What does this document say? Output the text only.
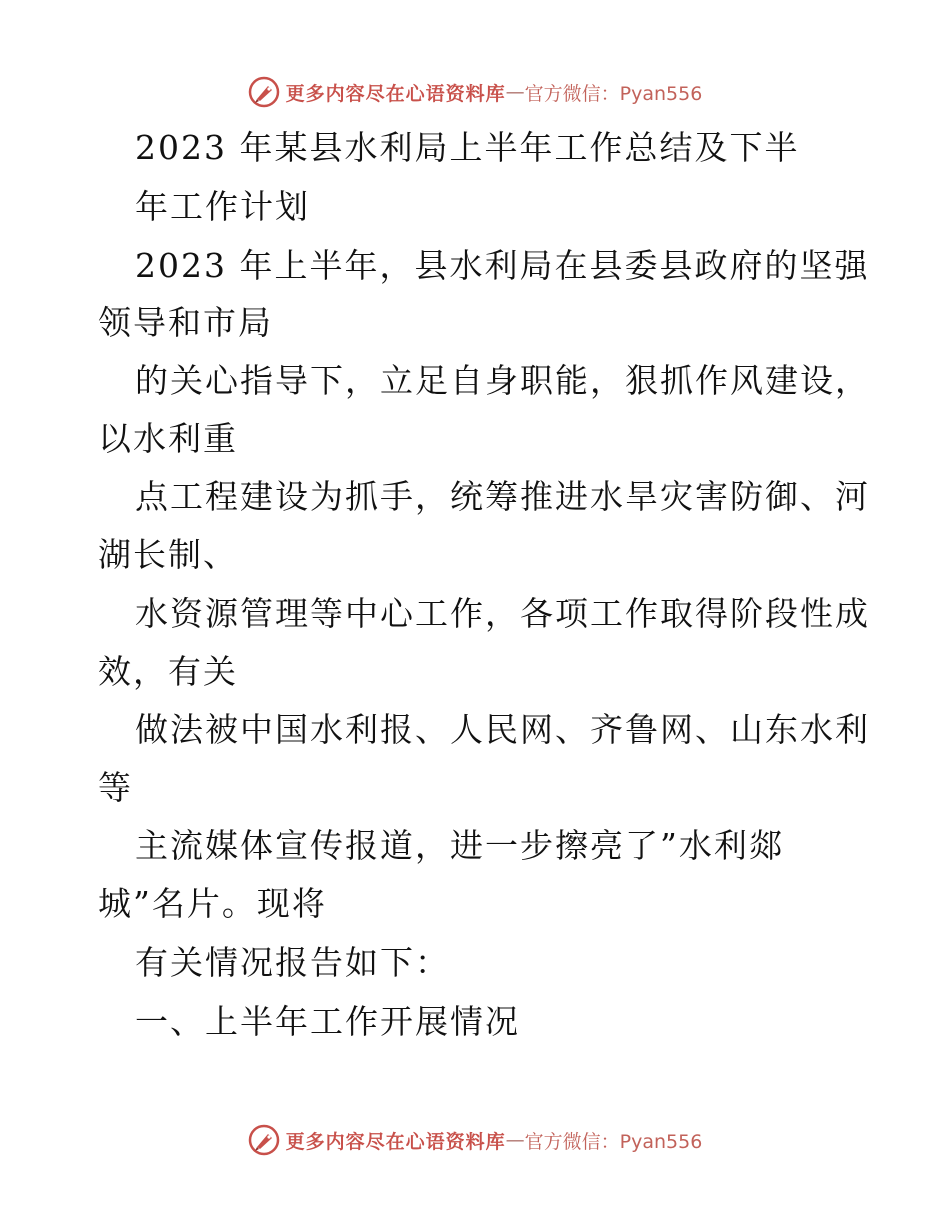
更多内容尽在心语资料库 — 官方微信：Pyan556
2023 年某县水利局上半年工作总结及下半
年工作计划
2023 年上半年，县水利局在县委县政府的坚强
领导和市局
的关心指导下，立足自身职能，狠抓作风建设，
以水利重
点工程建设为抓手，统筹推进水旱灾害防御、河
湖长制、
水资源管理等中心工作，各项工作取得阶段性成
效，有关
做法被中国水利报、人民网、齐鲁网、山东水利
等
主流媒体宣传报道，进一步擦亮了”水利郯
城”名片。现将
有关情况报告如下：
一、上半年工作开展情况
更多内容尽在心语资料库 — 官方微信：Pyan556
